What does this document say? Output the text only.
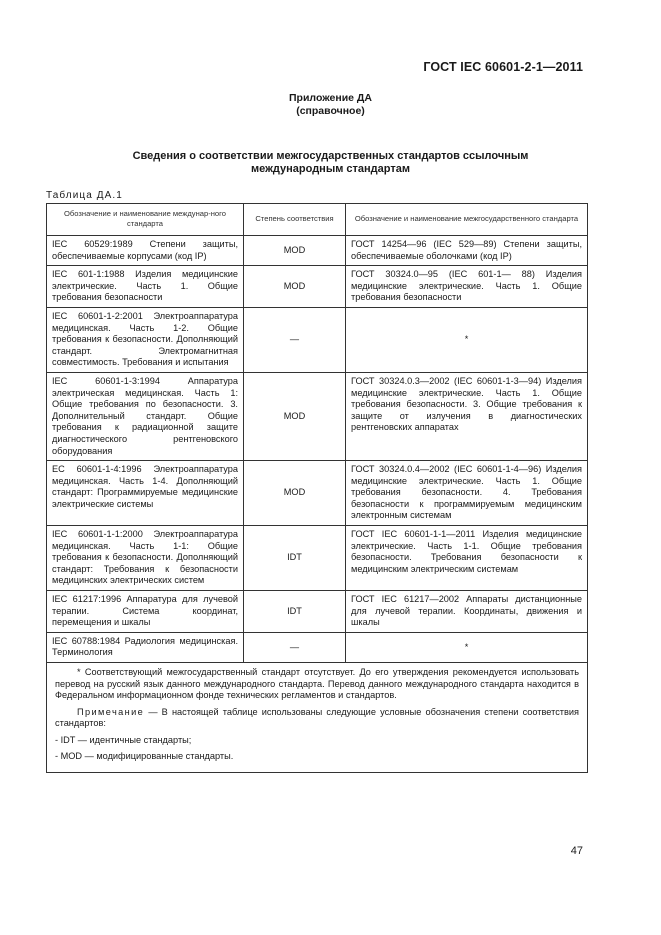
ГОСТ IEC 60601-2-1—2011
Приложение ДА
(справочное)
Сведения о соответствии межгосударственных стандартов ссылочным
международным стандартам
Таблица ДА.1
Обозначение и наименование междунар-ного стандарта	Степень соответствия	Обозначение и наименование межгосударственного стандарта
IEC 60529:1989 Степени защиты, обеспечиваемые корпусами (код IP)	MOD	ГОСТ 14254—96 (IEC 529—89) Степени защиты, обеспечиваемые оболочками (код IP)
IEC 601-1:1988 Изделия медицинские электрические. Часть 1. Общие требования безопасности	MOD	ГОСТ 30324.0—95 (IEC 601-1— 88) Изделия медицинские электрические. Часть 1. Общие требования безопасности
IEC 60601-1-2:2001 Электроаппаратура медицинская. Часть 1-2. Общие требования к безопасности. Дополняющий стандарт. Электромагнитная совместимость. Требования и испытания	—	*
IEC 60601-1-3:1994 Аппаратура электрическая медицинская. Часть 1: Общие требования по безопасности. 3. Дополнительный стандарт. Общие требования к радиационной защите диагностического рентгеновского оборудования	MOD	ГОСТ 30324.0.3—2002 (IEC 60601-1-3—94) Изделия медицинские электрические. Часть 1. Общие требования безопасности. 3. Общие требования к защите от излучения в диагностических рентгеновских аппаратах
ЕС 60601-1-4:1996 Электроаппаратура медицинская. Часть 1-4. Дополняющий стандарт: Программируемые медицинские электрические системы	MOD	ГОСТ 30324.0.4—2002 (IEC 60601-1-4—96) Изделия медицинские электрические. Часть 1. Общие требования безопасности. 4. Требования безопасности к программируемым медицинским электронным системам
IEC 60601-1-1:2000 Электроаппаратура медицинская. Часть 1-1: Общие требования к безопасности. Дополняющий стандарт: Требования к безопасности медицинских электрических систем	IDT	ГОСТ IEC 60601-1-1—2011 Изделия медицинские электрические. Часть 1-1. Общие требования безопасности. Требования безопасности к медицинским электрическим системам
IEC 61217:1996 Аппаратура для лучевой терапии. Система координат, перемещения и шкалы	IDT	ГОСТ IEC 61217—2002 Аппараты дистанционные для лучевой терапии. Координаты, движения и шкалы
IEC 60788:1984 Радиология медицинская. Терминология	—	*

* Соответствующий межгосударственный стандарт отсутствует. До его утверждения рекомендуется использовать перевод на русский язык данного международного стандарта. Перевод данного международного стандарта находится в Федеральном информационном фонде технических регламентов и стандартов.

Примечание — В настоящей таблице использованы следующие условные обозначения степени соответствия стандартов:

- IDT — идентичные стандарты;
- MOD — модифицированные стандарты.		
47
